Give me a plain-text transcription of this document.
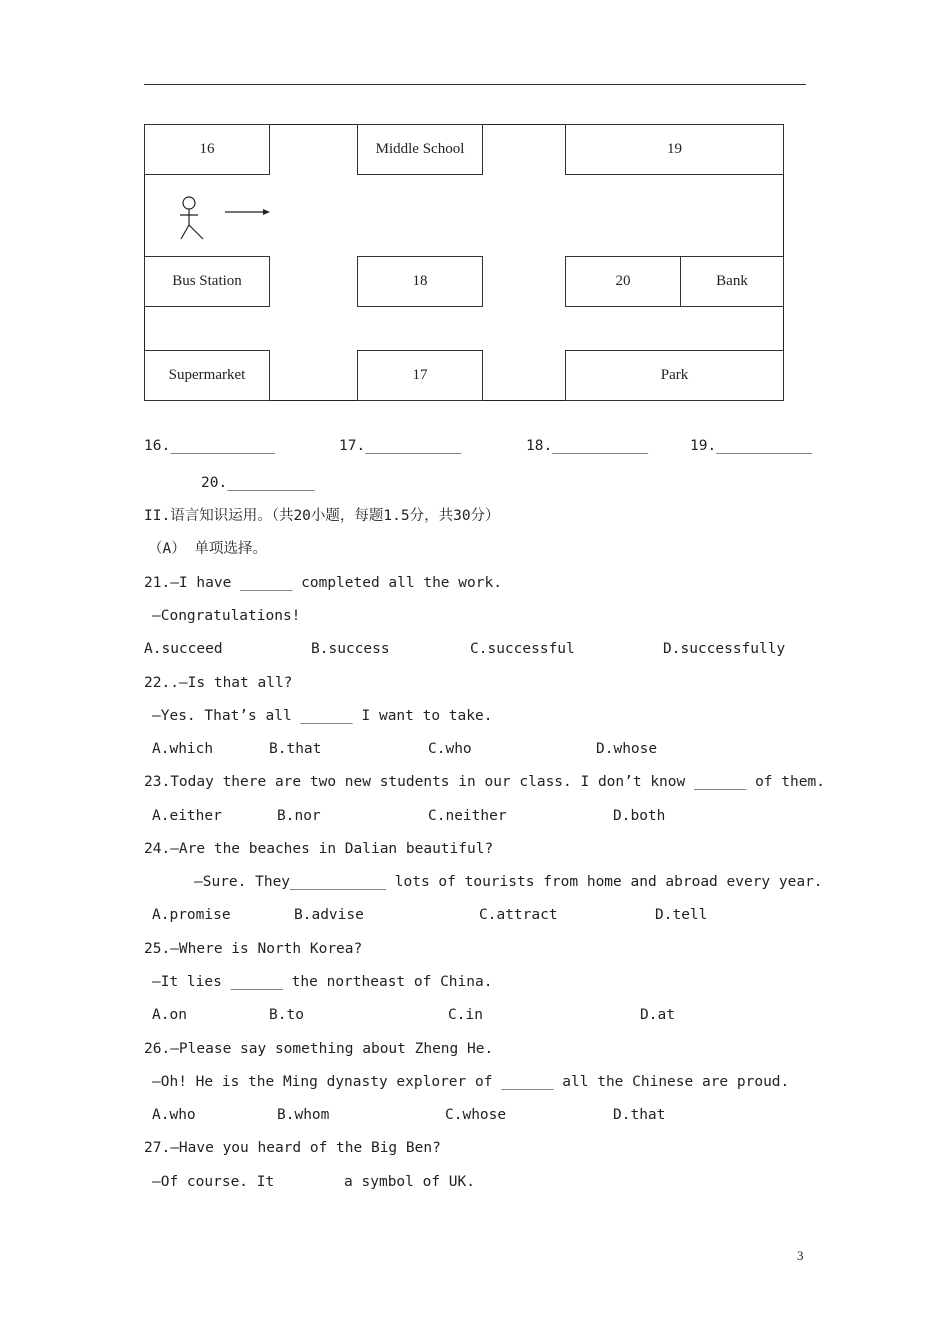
16	Middle School	19
Bus Station	18	20	Bank
Supermarket	17	Park
16.____________	17.___________	18.___________	19.___________
20.__________
II.语言知识运用。（共20小题，每题1.5分，共30分）
（A） 单项选择。
21.—I have ______ completed all the work.
—Congratulations!
A.succeed	B.success	C.successful	D.successfully
22..—Is that all?
—Yes. That’s all ______ I want to take.
A.which	B.that	C.who	D.whose
23.Today there are two new students in our class. I don’t know ______ of them.
A.either	B.nor	C.neither	D.both
24.—Are the beaches in Dalian beautiful?
—Sure. They___________ lots of tourists from home and abroad every year.
A.promise	B.advise	C.attract	D.tell
25.—Where is North Korea?
—It lies ______ the northeast of China.
A.on	B.to	C.in	D.at
26.—Please say something about Zheng He.
—Oh! He is the Ming dynasty explorer of ______ all the Chinese are proud.
A.who	B.whom	C.whose	D.that
27.—Have you heard of the Big Ben?
—Of course. It        a symbol of UK.
3
